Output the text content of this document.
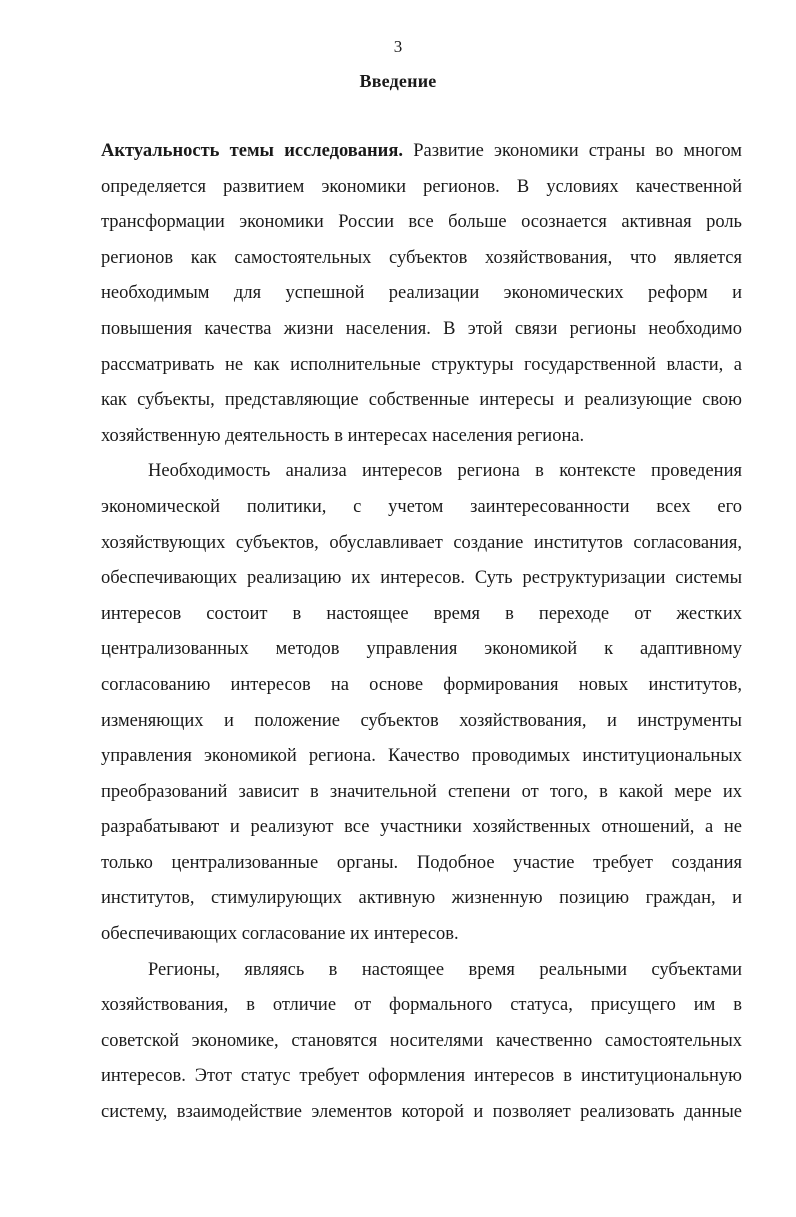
3
Введение
Актуальность темы исследования. Развитие экономики страны во многом
определяется развитием экономики регионов. В условиях качественной
трансформации экономики России все больше осознается активная роль
регионов как самостоятельных субъектов хозяйствования, что является
необходимым для успешной реализации экономических реформ и
повышения качества жизни населения. В этой связи регионы необходимо
рассматривать не как исполнительные структуры государственной власти, а
как субъекты, представляющие собственные интересы и реализующие свою
хозяйственную деятельность в интересах населения региона.
Необходимость анализа интересов региона в контексте проведения
экономической политики, с учетом заинтересованности всех его
хозяйствующих субъектов, обуславливает создание институтов согласования,
обеспечивающих реализацию их интересов. Суть реструктуризации системы
интересов состоит в настоящее время в переходе от жестких
централизованных методов управления экономикой к адаптивному
согласованию интересов на основе формирования новых институтов,
изменяющих и положение субъектов хозяйствования, и инструменты
управления экономикой региона. Качество проводимых институциональных
преобразований зависит в значительной степени от того, в какой мере их
разрабатывают и реализуют все участники хозяйственных отношений, а не
только централизованные органы. Подобное участие требует создания
институтов, стимулирующих активную жизненную позицию граждан, и
обеспечивающих согласование их интересов.
Регионы, являясь в настоящее время реальными субъектами
хозяйствования, в отличие от формального статуса, присущего им в
советской экономике, становятся носителями качественно самостоятельных
интересов. Этот статус требует оформления интересов в институциональную
систему, взаимодействие элементов которой и позволяет реализовать данные
